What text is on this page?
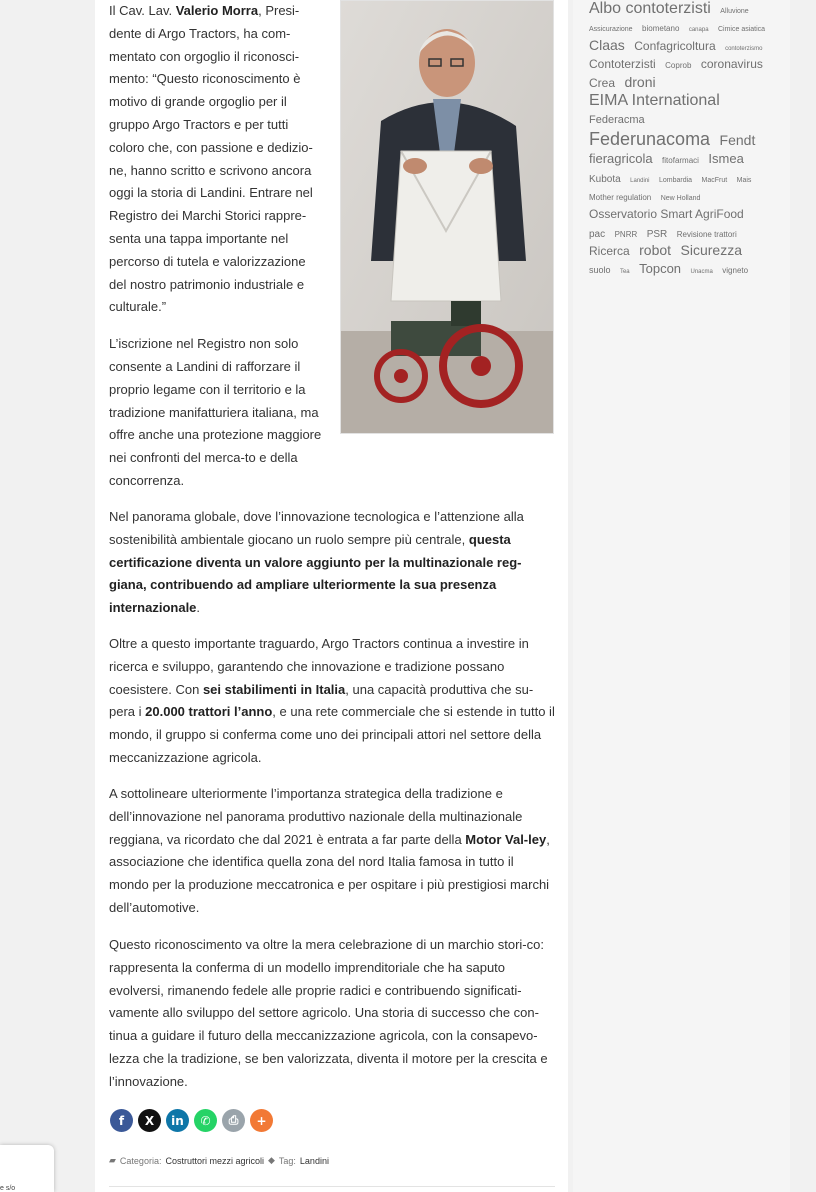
Il Cav. Lav. Valerio Morra, Presi-dente di Argo Tractors, ha com-mentato con orgoglio il riconosci-mento: “Questo riconoscimento è motivo di grande orgoglio per il gruppo Argo Tractors e per tutti coloro che, con passione e dedizio-ne, hanno scritto e scrivono ancora oggi la storia di Landini. Entrare nel Registro dei Marchi Storici rappre-senta una tappa importante nel percorso di tutela e valorizzazione del nostro patrimonio industriale e culturale.”

L’iscrizione nel Registro non solo consente a Landini di rafforzare il proprio legame con il territorio e la tradizione manifatturiera italiana, ma offre anche una protezione maggiore nei confronti del merca-to e della concorrenza.

Nel panorama globale, dove l’innovazione tecnologica e l’attenzione alla sostenibilità ambientale giocano un ruolo sempre più centrale, questa certificazione diventa un valore aggiunto per la multinazionale reg-giana, contribuendo ad ampliare ulteriormente la sua presenza internazionale.

Oltre a questo importante traguardo, Argo Tractors continua a investire in ricerca e sviluppo, garantendo che innovazione e tradizione possano coesistere. Con sei stabilimenti in Italia, una capacità produttiva che su-pera i 20.000 trattori l’anno, e una rete commerciale che si estende in tutto il mondo, il gruppo si conferma come uno dei principali attori nel settore della meccanizzazione agricola.

A sottolineare ulteriormente l’importanza strategica della tradizione e dell’innovazione nel panorama produttivo nazionale della multinazionale reggiana, va ricordato che dal 2021 è entrata a far parte della Motor Val-ley, associazione che identifica quella zona del nord Italia famosa in tutto il mondo per la produzione meccatronica e per ospitare i più prestigiosi marchi dell’automotive.

Questo riconoscimento va oltre la mera celebrazione di un marchio stori-co: rappresenta la conferma di un modello imprenditoriale che ha saputo evolversi, rimanendo fedele alle proprie radici e contribuendo significati-vamente allo sviluppo del settore agricolo. Una storia di successo che con-tinua a guidare il futuro della meccanizzazione agricola, con la consapevo-lezza che la tradizione, se ben valorizzata, diventa il motore per la crescita e l’innovazione.

f	X	in	✆	⎙	+
▰ Categoria: Costruttori mezzi agricoli ◆ Tag: Landini
Albo contoterzisti Alluvione Assicurazione biometano canapa Cimice asiatica Claas Confagricoltura contoterzismo Contoterzisti Coprob coronavirus Crea droni EIMA International Federacma Federunacoma Fendt fieragricola fitofarmaci Ismea Kubota Landini Lombardia MacFrut Mais Mother regulation New Holland Osservatorio Smart AgriFood pac PNRR PSR Revisione trattori Ricerca robot Sicurezza suolo Tea Topcon Unacma vigneto
e s/o
